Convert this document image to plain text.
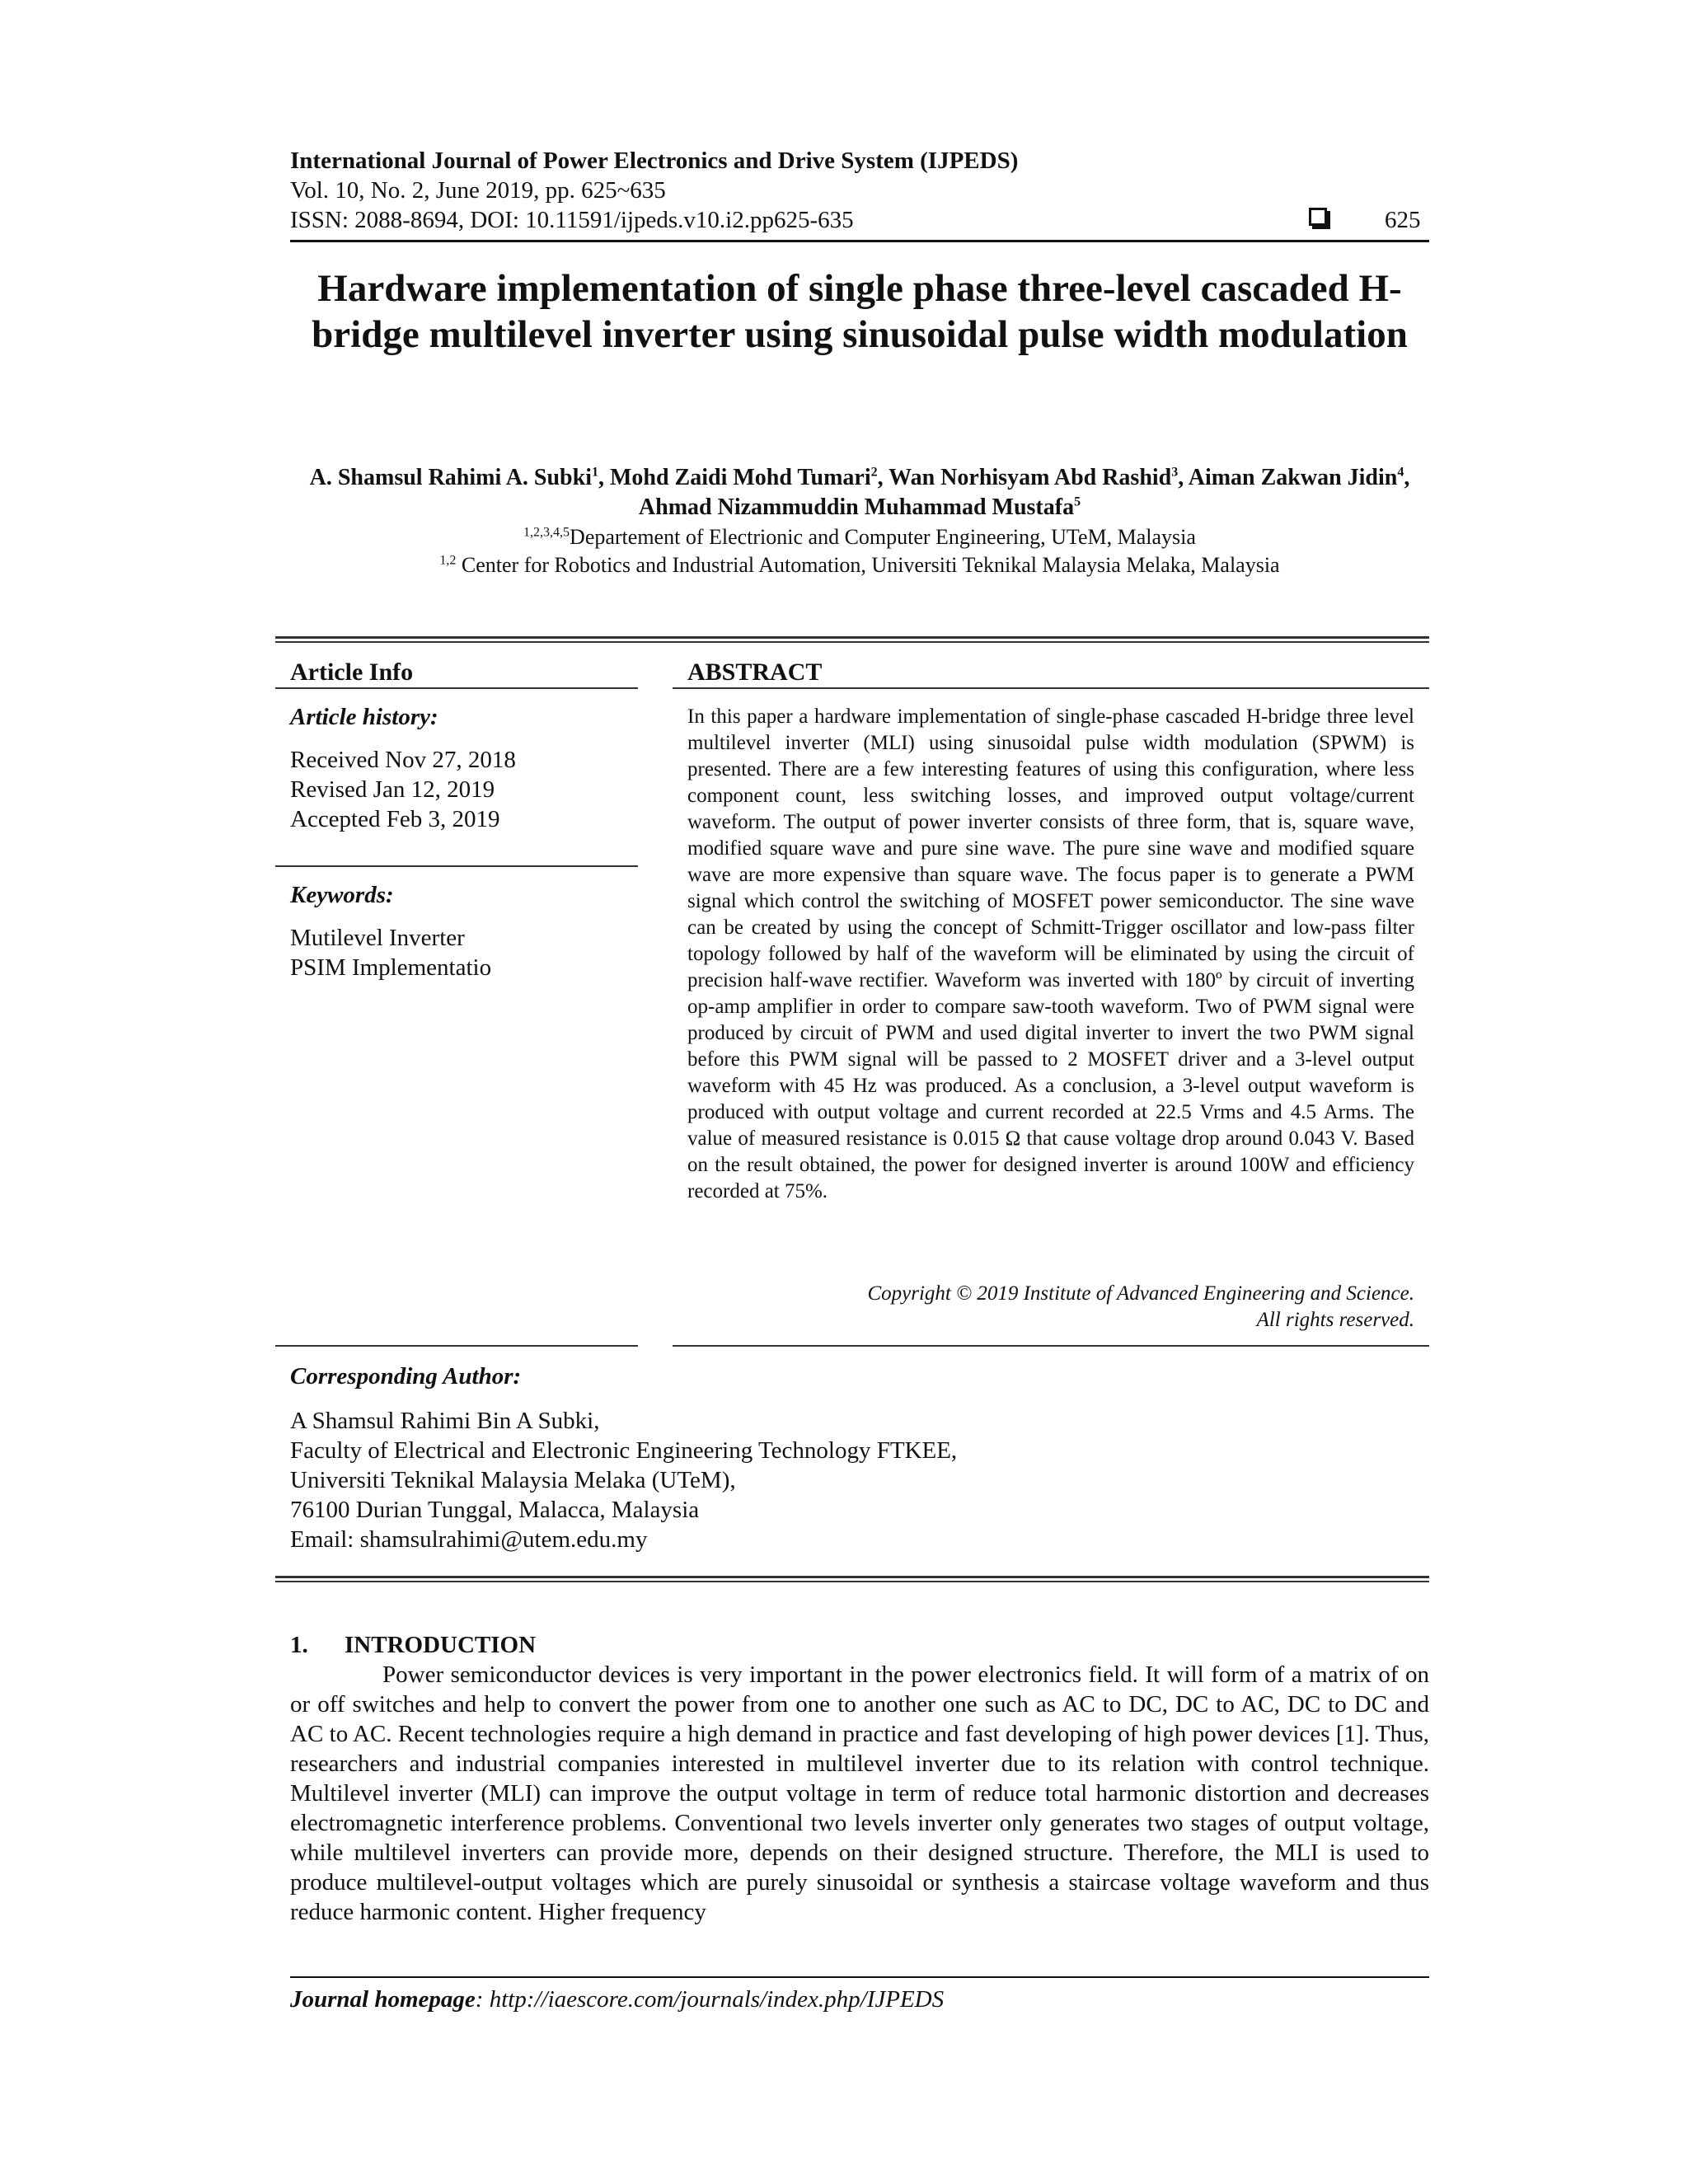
International Journal of Power Electronics and Drive System (IJPEDS)
Vol. 10, No. 2, June 2019, pp. 625~635
ISSN: 2088-8694, DOI: 10.11591/ijpeds.v10.i2.pp625-635	625
Hardware implementation of single phase three-level cascaded H-bridge multilevel inverter using sinusoidal pulse width modulation
A. Shamsul Rahimi A. Subki$^1$, Mohd Zaidi Mohd Tumari$^2$, Wan Norhisyam Abd Rashid$^3$, Aiman Zakwan Jidin$^4$, Ahmad Nizammuddin Muhammad Mustafa$^5$
$^{1,2,3,4,5}$Departement of Electrionic and Computer Engineering, UTeM, Malaysia
$^{1,2}$ Center for Robotics and Industrial Automation, Universiti Teknikal Malaysia Melaka, Malaysia
Article Info
Article history:
Received Nov 27, 2018
Revised Jan 12, 2019
Accepted Feb 3, 2019
Keywords:
Mutilevel Inverter
PSIM Implementatio
ABSTRACT
In this paper a hardware implementation of single-phase cascaded H-bridge three level multilevel inverter (MLI) using sinusoidal pulse width modulation (SPWM) is presented. There are a few interesting features of using this configuration, where less component count, less switching losses, and improved output voltage/current waveform. The output of power inverter consists of three form, that is, square wave, modified square wave and pure sine wave. The pure sine wave and modified square wave are more expensive than square wave. The focus paper is to generate a PWM signal which control the switching of MOSFET power semiconductor. The sine wave can be created by using the concept of Schmitt-Trigger oscillator and low-pass filter topology followed by half of the waveform will be eliminated by using the circuit of precision half-wave rectifier. Waveform was inverted with 180º by circuit of inverting op-amp amplifier in order to compare saw-tooth waveform. Two of PWM signal were produced by circuit of PWM and used digital inverter to invert the two PWM signal before this PWM signal will be passed to 2 MOSFET driver and a 3-level output waveform with 45 Hz was produced. As a conclusion, a 3-level output waveform is produced with output voltage and current recorded at 22.5 Vrms and 4.5 Arms. The value of measured resistance is 0.015 Ω that cause voltage drop around 0.043 V. Based on the result obtained, the power for designed inverter is around 100W and efficiency recorded at 75%.
Copyright © 2019 Institute of Advanced Engineering and Science.
All rights reserved.
Corresponding Author:
A Shamsul Rahimi Bin A Subki,
Faculty of Electrical and Electronic Engineering Technology FTKEE,
Universiti Teknikal Malaysia Melaka (UTeM),
76100 Durian Tunggal, Malacca, Malaysia
Email: shamsulrahimi@utem.edu.my
1. INTRODUCTION
Power semiconductor devices is very important in the power electronics field. It will form of a matrix of on or off switches and help to convert the power from one to another one such as AC to DC, DC to AC, DC to DC and AC to AC. Recent technologies require a high demand in practice and fast developing of high power devices [1]. Thus, researchers and industrial companies interested in multilevel inverter due to its relation with control technique. Multilevel inverter (MLI) can improve the output voltage in term of reduce total harmonic distortion and decreases electromagnetic interference problems. Conventional two levels inverter only generates two stages of output voltage, while multilevel inverters can provide more, depends on their designed structure. Therefore, the MLI is used to produce multilevel-output voltages which are purely sinusoidal or synthesis a staircase voltage waveform and thus reduce harmonic content. Higher frequency
Journal homepage: http://iaescore.com/journals/index.php/IJPEDS
